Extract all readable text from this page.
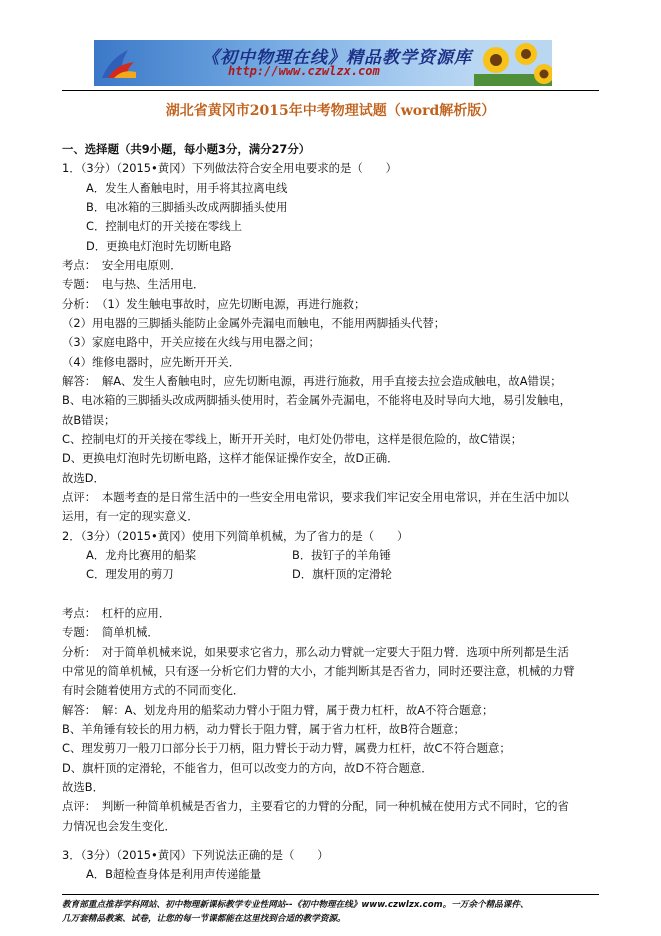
《初中物理在线》精品教学资源库
http://www.czwlzx.com
湖北省黄冈市2015年中考物理试题（word解析版）
一、选择题（共9小题，每小题3分，满分27分）
1．（3分）（2015•黄冈）下列做法符合安全用电要求的是（　　）
A．发生人畜触电时，用手将其拉离电线
B．电冰箱的三脚插头改成两脚插头使用
C．控制电灯的开关接在零线上
D．更换电灯泡时先切断电路
考点：　安全用电原则．
专题：　电与热、生活用电．
分析：　（1）发生触电事故时，应先切断电源，再进行施救；
（2）用电器的三脚插头能防止金属外壳漏电而触电，不能用两脚插头代替；
（3）家庭电路中，开关应接在火线与用电器之间；
（4）维修电器时，应先断开开关．
解答：　解A、发生人畜触电时，应先切断电源，再进行施救，用手直接去拉会造成触电，故A错误；
B、电冰箱的三脚插头改成两脚插头使用时，若金属外壳漏电，不能将电及时导向大地，易引发触电，
故B错误；
C、控制电灯的开关接在零线上，断开开关时，电灯处仍带电，这样是很危险的，故C错误；
D、更换电灯泡时先切断电路，这样才能保证操作安全，故D正确．
故选D．
点评：　本题考查的是日常生活中的一些安全用电常识，要求我们牢记安全用电常识，并在生活中加以
运用，有一定的现实意义．
2．（3分）（2015•黄冈）使用下列简单机械，为了省力的是（　　）
A．龙舟比赛用的船桨	B．拔钉子的羊角锤
C．理发用的剪刀	D．旗杆顶的定滑轮
考点：　杠杆的应用．
专题：　简单机械．
分析：　对于简单机械来说，如果要求它省力，那么动力臂就一定要大于阻力臂．选项中所列都是生活
中常见的简单机械，只有逐一分析它们力臂的大小，才能判断其是否省力，同时还要注意，机械的力臂
有时会随着使用方式的不同而变化．
解答：　解：A、划龙舟用的船桨动力臂小于阻力臂，属于费力杠杆，故A不符合题意；
B、羊角锤有较长的用力柄，动力臂长于阻力臂，属于省力杠杆，故B符合题意；
C、理发剪刀一般刀口部分长于刀柄，阻力臂长于动力臂，属费力杠杆，故C不符合题意；
D、旗杆顶的定滑轮，不能省力，但可以改变力的方向，故D不符合题意．
故选B．
点评：　判断一种简单机械是否省力，主要看它的力臂的分配，同一种机械在使用方式不同时，它的省
力情况也会发生变化．
3．（3分）（2015•黄冈）下列说法正确的是（　　）
A．B超检查身体是利用声传递能量
教育部重点推荐学科网站、初中物理新课标教学专业性网站--《初中物理在线》www.czwlzx.com。一万余个精品课件、
几万套精品教案、试卷，让您的每一节课都能在这里找到合适的教学资源。
